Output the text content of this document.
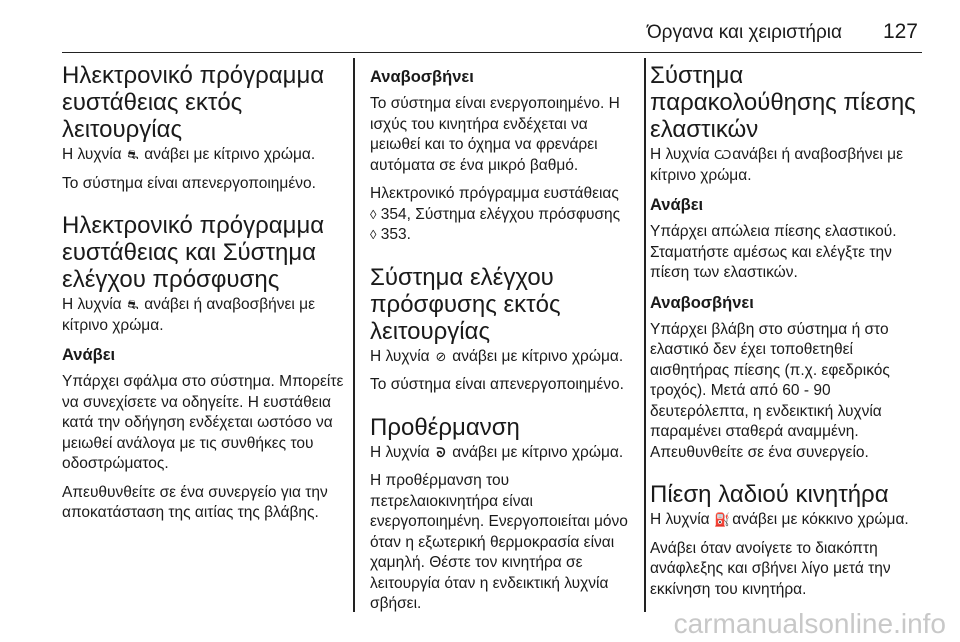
Όργανα και χειριστήρια 127
Ηλεκτρονικό πρόγραμμα ευστάθειας εκτός λειτουργίας

Η λυχνία ⛐ ανάβει με κίτρινο χρώμα.

Το σύστημα είναι απενεργοποιημένο.

Ηλεκτρονικό πρόγραμμα ευστάθειας και Σύστημα ελέγχου πρόσφυσης

Η λυχνία ⛐ ανάβει ή αναβοσβήνει με κίτρινο χρώμα.

Ανάβει

Υπάρχει σφάλμα στο σύστημα. Μπορείτε να συνεχίσετε να οδηγείτε. Η ευστάθεια κατά την οδήγηση ενδέχεται ωστόσο να μειωθεί ανάλογα με τις συνθήκες του οδοστρώματος.

Απευθυνθείτε σε ένα συνεργείο για την αποκατάσταση της αιτίας της βλάβης.

Αναβοσβήνει

Το σύστημα είναι ενεργοποιημένο. Η ισχύς του κινητήρα ενδέχεται να μειωθεί και το όχημα να φρενάρει αυτόματα σε ένα μικρό βαθμό.

Ηλεκτρονικό πρόγραμμα ευστάθειας
◊ 354, Σύστημα ελέγχου πρόσφυσης
◊ 353.

Σύστημα ελέγχου πρόσφυσης εκτός λειτουργίας

Η λυχνία ⊘ ανάβει με κίτρινο χρώμα.

Το σύστημα είναι απενεργοποιημένο.

Προθέρμανση

Η λυχνία ᘐ ανάβει με κίτρινο χρώμα.

Η προθέρμανση του πετρελαιοκινητήρα είναι ενεργοποιημένη. Ενεργοποιείται μόνο όταν η εξωτερική θερμοκρασία είναι χαμηλή. Θέστε τον κινητήρα σε λειτουργία όταν η ενδεικτική λυχνία σβήσει.

Σύστημα παρακολούθησης πίεσης ελαστικών

Η λυχνία Ѡ ανάβει ή αναβοσβήνει με κίτρινο χρώμα.

Ανάβει

Υπάρχει απώλεια πίεσης ελαστικού. Σταματήστε αμέσως και ελέγξτε την πίεση των ελαστικών.

Αναβοσβήνει

Υπάρχει βλάβη στο σύστημα ή στο ελαστικό δεν έχει τοποθετηθεί αισθητήρας πίεσης (π.χ. εφεδρικός τροχός). Μετά από 60 - 90 δευτερόλεπτα, η ενδεικτική λυχνία παραμένει σταθερά αναμμένη. Απευθυνθείτε σε ένα συνεργείο.

Πίεση λαδιού κινητήρα

Η λυχνία ⛽ ανάβει με κόκκινο χρώμα.

Ανάβει όταν ανοίγετε το διακόπτη ανάφλεξης και σβήνει λίγο μετά την εκκίνηση του κινητήρα.

carmanualsonline.info
